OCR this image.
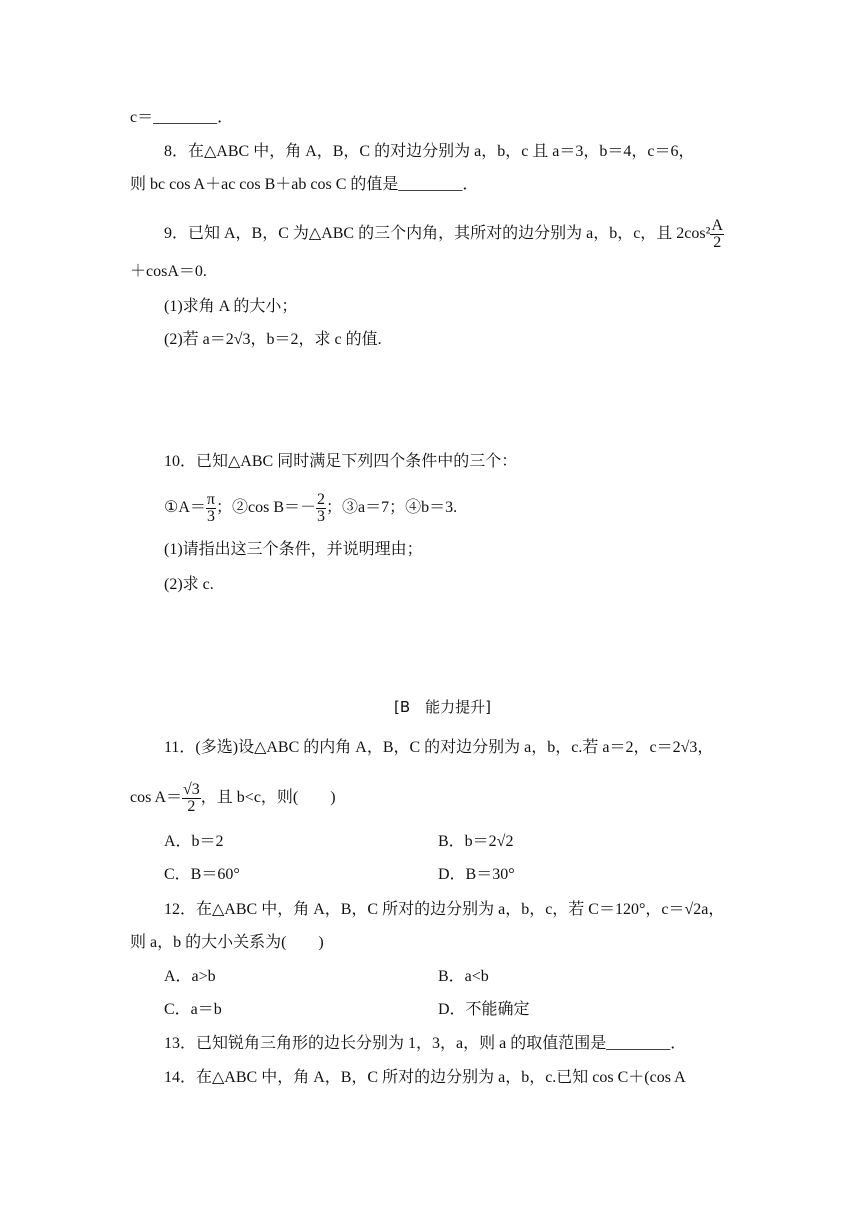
c＝________．
8．在△ABC 中，角 A，B，C 的对边分别为 a，b，c 且 a＝3，b＝4，c＝6，
则 bc cos A＋ac cos B＋ab cos C 的值是________．
9．已知 A，B，C 为△ABC 的三个内角，其所对的边分别为 a，b，c，且 $2\cos^2 \frac{A}{2}$
＋cosA＝0.
(1)求角 A 的大小；
(2)若 a＝2√3，b＝2，求 c 的值.
10．已知△ABC 同时满足下列四个条件中的三个：
①A＝ $\frac{\pi}{3}$ ；②cos $B=- \frac{2}{3}$ ；③a＝7；④b＝3.
(1)请指出这三个条件，并说明理由；
(2)求 c.
[B　能力提升]
11．(多选)设△ABC 的内角 A，B，C 的对边分别为 a，b，c.若 a＝2，c＝2√3，
$\cos A= \frac{√3}{2}$ ，且 b<c，则(　　)
A．b＝2	B．b＝2√2
C．B＝60°	D．B＝30°
12．在△ABC 中，角 A，B，C 所对的边分别为 a，b，c，若 C＝120°，c＝√2a，
则 a，b 的大小关系为(　　)
A．a>b	B．a<b
C．a＝b	D．不能确定
13．已知锐角三角形的边长分别为 1，3，a，则 a 的取值范围是________．
14．在△ABC 中，角 A，B，C 所对的边分别为 a，b，c.已知 cos C＋(cos A
